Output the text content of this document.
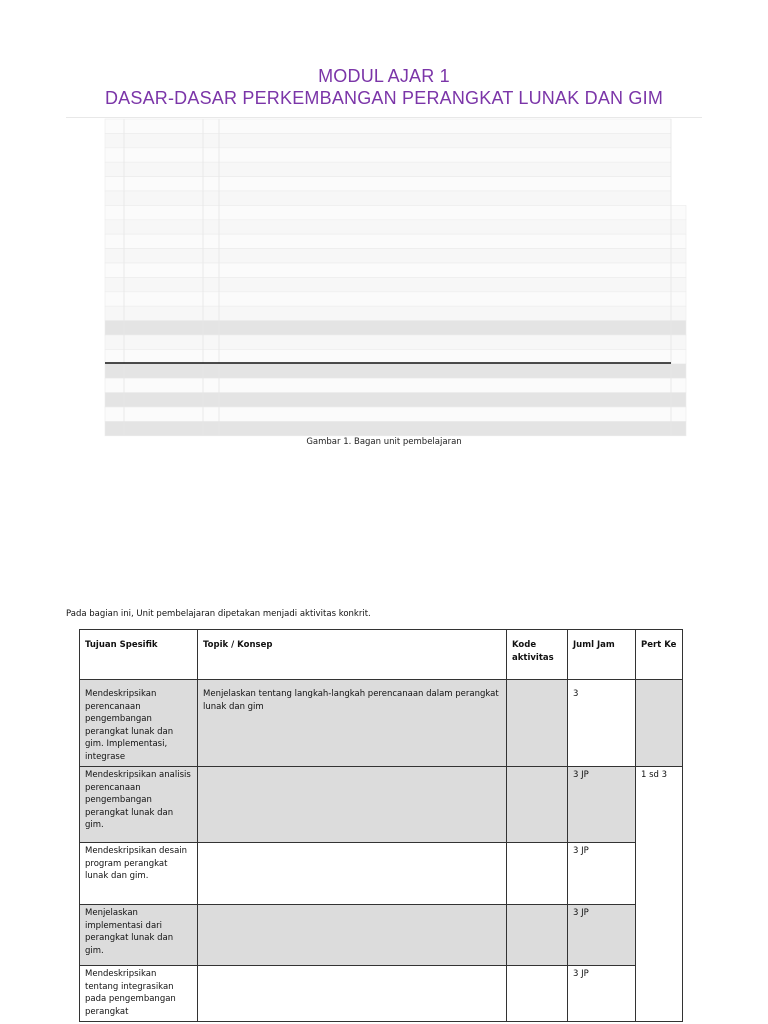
MODUL AJAR 1
DASAR-DASAR PERKEMBANGAN PERANGKAT LUNAK DAN GIM
Gambar 1. Bagan unit pembelajaran
Pada bagian ini, Unit pembelajaran dipetakan menjadi aktivitas konkrit.
Tujuan Spesifik	Topik / Konsep	Kode aktivitas	Juml Jam	Pert Ke
Mendeskripsikan perencanaan pengembangan perangkat lunak dan gim. Implementasi, integrase	Menjelaskan tentang langkah-langkah perencanaan dalam perangkat lunak dan gim		3	
Mendeskripsikan analisis perencanaan pengembangan perangkat lunak dan gim.			3 JP	1 sd 3
Mendeskripsikan desain program perangkat lunak dan gim.			3 JP	
Menjelaskan implementasi dari perangkat lunak dan gim.			3 JP	
Mendeskripsikan tentang integrasikan pada pengembangan perangkat			3 JP	
